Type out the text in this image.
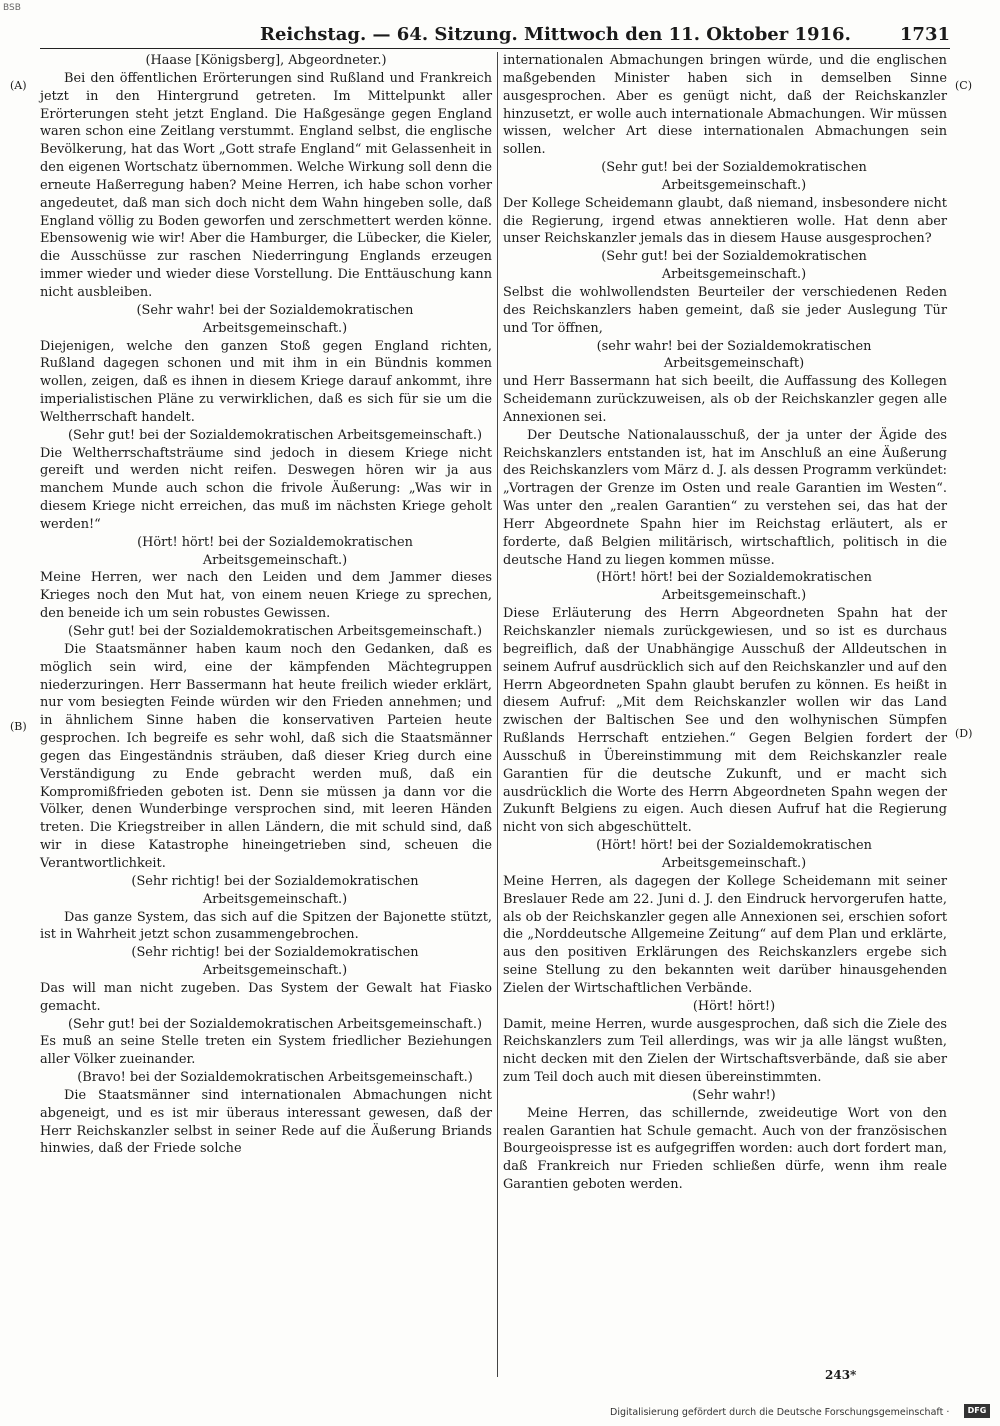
BSB
Reichstag. — 64. Sitzung. Mittwoch den 11. Oktober 1916.	1731
(A)
(B)
(C)
(D)

(Haase [Königsberg], Abgeordneter.)

Bei den öffentlichen Erörterungen sind Rußland und Frankreich jetzt in den Hintergrund getreten. Im Mittelpunkt aller Erörterungen steht jetzt England. Die Haßgesänge gegen England waren schon eine Zeitlang verstummt. England selbst, die englische Bevölkerung, hat das Wort „Gott strafe England“ mit Gelassenheit in den eigenen Wortschatz übernommen. Welche Wirkung soll denn die erneute Haßerregung haben? Meine Herren, ich habe schon vorher angedeutet, daß man sich doch nicht dem Wahn hingeben solle, daß England völlig zu Boden geworfen und zerschmettert werden könne. Ebensowenig wie wir! Aber die Hamburger, die Lübecker, die Kieler, die Ausschüsse zur raschen Niederringung Englands erzeugen immer wieder und wieder diese Vorstellung. Die Enttäuschung kann nicht ausbleiben.

(Sehr wahr! bei der Sozialdemokratischen Arbeitsgemeinschaft.)

Diejenigen, welche den ganzen Stoß gegen England richten, Rußland dagegen schonen und mit ihm in ein Bündnis kommen wollen, zeigen, daß es ihnen in diesem Kriege darauf ankommt, ihre imperialistischen Pläne zu verwirklichen, daß es sich für sie um die Weltherrschaft handelt.

(Sehr gut! bei der Sozialdemokratischen Arbeitsgemeinschaft.)

Die Weltherrschaftsträume sind jedoch in diesem Kriege nicht gereift und werden nicht reifen. Deswegen hören wir ja aus manchem Munde auch schon die frivole Äußerung: „Was wir in diesem Kriege nicht erreichen, das muß im nächsten Kriege geholt werden!“

(Hört! hört! bei der Sozialdemokratischen Arbeitsgemeinschaft.)

Meine Herren, wer nach den Leiden und dem Jammer dieses Krieges noch den Mut hat, von einem neuen Kriege zu sprechen, den beneide ich um sein robustes Gewissen.

(Sehr gut! bei der Sozialdemokratischen Arbeitsgemeinschaft.)

Die Staatsmänner haben kaum noch den Gedanken, daß es möglich sein wird, eine der kämpfenden Mächtegruppen niederzuringen. Herr Bassermann hat heute freilich wieder erklärt, nur vom besiegten Feinde würden wir den Frieden annehmen; und in ähnlichem Sinne haben die konservativen Parteien heute gesprochen. Ich begreife es sehr wohl, daß sich die Staatsmänner gegen das Eingeständnis sträuben, daß dieser Krieg durch eine Verständigung zu Ende gebracht werden muß, daß ein Kompromißfrieden geboten ist. Denn sie müssen ja dann vor die Völker, denen Wunderbinge versprochen sind, mit leeren Händen treten. Die Kriegstreiber in allen Ländern, die mit schuld sind, daß wir in diese Katastrophe hineingetrieben sind, scheuen die Verantwortlichkeit.

(Sehr richtig! bei der Sozialdemokratischen Arbeitsgemeinschaft.)

Das ganze System, das sich auf die Spitzen der Bajonette stützt, ist in Wahrheit jetzt schon zusammengebrochen.

(Sehr richtig! bei der Sozialdemokratischen Arbeitsgemeinschaft.)

Das will man nicht zugeben. Das System der Gewalt hat Fiasko gemacht.

(Sehr gut! bei der Sozialdemokratischen Arbeitsgemeinschaft.)

Es muß an seine Stelle treten ein System friedlicher Beziehungen aller Völker zueinander.

(Bravo! bei der Sozialdemokratischen Arbeitsgemeinschaft.)

Die Staatsmänner sind internationalen Abmachungen nicht abgeneigt, und es ist mir überaus interessant gewesen, daß der Herr Reichskanzler selbst in seiner Rede auf die Äußerung Briands hinwies, daß der Friede solche

internationalen Abmachungen bringen würde, und die englischen maßgebenden Minister haben sich in demselben Sinne ausgesprochen. Aber es genügt nicht, daß der Reichskanzler hinzusetzt, er wolle auch internationale Abmachungen. Wir müssen wissen, welcher Art diese internationalen Abmachungen sein sollen.

(Sehr gut! bei der Sozialdemokratischen Arbeitsgemeinschaft.)

Der Kollege Scheidemann glaubt, daß niemand, insbesondere nicht die Regierung, irgend etwas annektieren wolle. Hat denn aber unser Reichskanzler jemals das in diesem Hause ausgesprochen?

(Sehr gut! bei der Sozialdemokratischen Arbeitsgemeinschaft.)

Selbst die wohlwollendsten Beurteiler der verschiedenen Reden des Reichskanzlers haben gemeint, daß sie jeder Auslegung Tür und Tor öffnen,

(sehr wahr! bei der Sozialdemokratischen Arbeitsgemeinschaft)

und Herr Bassermann hat sich beeilt, die Auffassung des Kollegen Scheidemann zurückzuweisen, als ob der Reichskanzler gegen alle Annexionen sei.

Der Deutsche Nationalausschuß, der ja unter der Ägide des Reichskanzlers entstanden ist, hat im Anschluß an eine Äußerung des Reichskanzlers vom März d. J. als dessen Programm verkündet: „Vortragen der Grenze im Osten und reale Garantien im Westen“. Was unter den „realen Garantien“ zu verstehen sei, das hat der Herr Abgeordnete Spahn hier im Reichstag erläutert, als er forderte, daß Belgien militärisch, wirtschaftlich, politisch in die deutsche Hand zu liegen kommen müsse.

(Hört! hört! bei der Sozialdemokratischen Arbeitsgemeinschaft.)

Diese Erläuterung des Herrn Abgeordneten Spahn hat der Reichskanzler niemals zurückgewiesen, und so ist es durchaus begreiflich, daß der Unabhängige Ausschuß der Alldeutschen in seinem Aufruf ausdrücklich sich auf den Reichskanzler und auf den Herrn Abgeordneten Spahn glaubt berufen zu können. Es heißt in diesem Aufruf: „Mit dem Reichskanzler wollen wir das Land zwischen der Baltischen See und den wolhynischen Sümpfen Rußlands Herrschaft entziehen.“ Gegen Belgien fordert der Ausschuß in Übereinstimmung mit dem Reichskanzler reale Garantien für die deutsche Zukunft, und er macht sich ausdrücklich die Worte des Herrn Abgeordneten Spahn wegen der Zukunft Belgiens zu eigen. Auch diesen Aufruf hat die Regierung nicht von sich abgeschüttelt.

(Hört! hört! bei der Sozialdemokratischen Arbeitsgemeinschaft.)

Meine Herren, als dagegen der Kollege Scheidemann mit seiner Breslauer Rede am 22. Juni d. J. den Eindruck hervorgerufen hatte, als ob der Reichskanzler gegen alle Annexionen sei, erschien sofort die „Norddeutsche Allgemeine Zeitung“ auf dem Plan und erklärte, aus den positiven Erklärungen des Reichskanzlers ergebe sich seine Stellung zu den bekannten weit darüber hinausgehenden Zielen der Wirtschaftlichen Verbände.

(Hört! hört!)

Damit, meine Herren, wurde ausgesprochen, daß sich die Ziele des Reichskanzlers zum Teil allerdings, was wir ja alle längst wußten, nicht decken mit den Zielen der Wirtschaftsverbände, daß sie aber zum Teil doch auch mit diesen übereinstimmten.

(Sehr wahr!)

Meine Herren, das schillernde, zweideutige Wort von den realen Garantien hat Schule gemacht. Auch von der französischen Bourgeoispresse ist es aufgegriffen worden: auch dort fordert man, daß Frankreich nur Frieden schließen dürfe, wenn ihm reale Garantien geboten werden.

243*
Digitalisierung gefördert durch die Deutsche Forschungsgemeinschaft ·	DFG
